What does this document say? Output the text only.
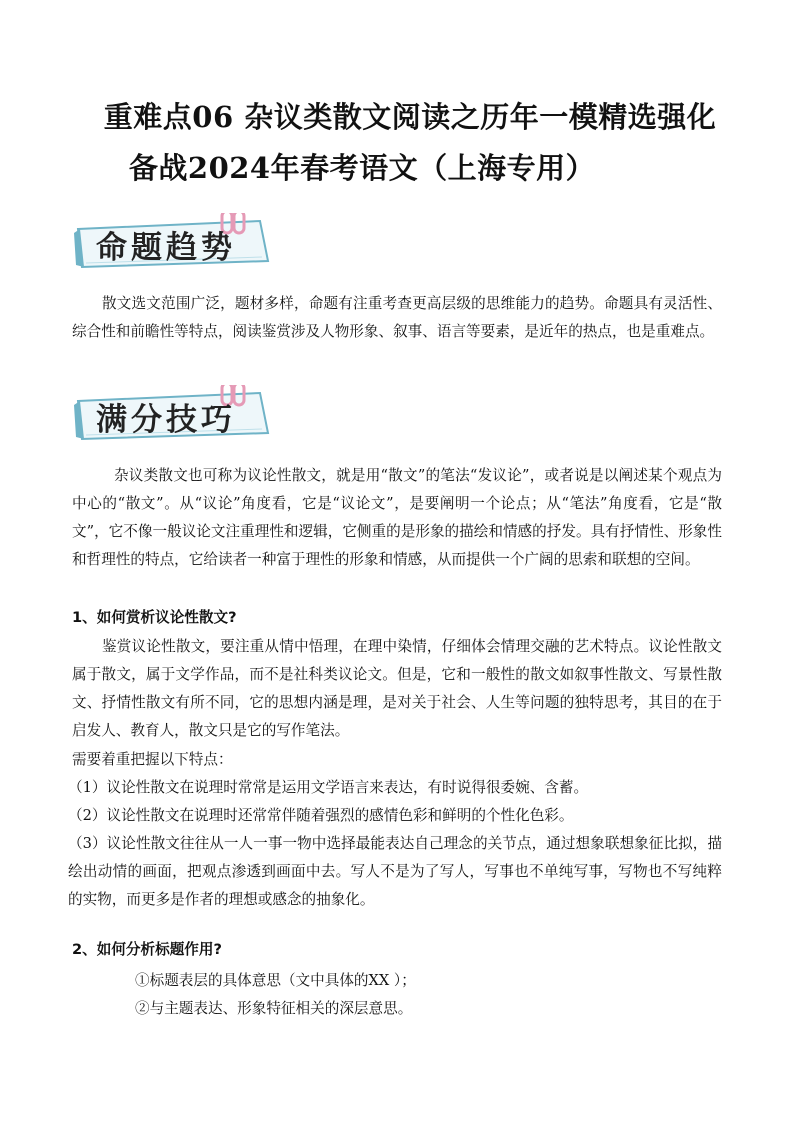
重难点06 杂议类散文阅读之历年一模精选强化
备战2024年春考语文（上海专用）
命题趋势
散文选文范围广泛，题材多样，命题有注重考查更高层级的思维能力的趋势。命题具有灵活性、综合性和前瞻性等特点，阅读鉴赏涉及人物形象、叙事、语言等要素，是近年的热点，也是重难点。
满分技巧
杂议类散文也可称为议论性散文，就是用“散文”的笔法“发议论”，或者说是以阐述某个观点为中心的“散文”。从“议论”角度看，它是“议论文”，是要阐明一个论点；从“笔法”角度看，它是“散文”，它不像一般议论文注重理性和逻辑，它侧重的是形象的描绘和情感的抒发。具有抒情性、形象性和哲理性的特点，它给读者一种富于理性的形象和情感，从而提供一个广阔的思索和联想的空间。
1、如何赏析议论性散文?
鉴赏议论性散文，要注重从情中悟理，在理中染情，仔细体会情理交融的艺术特点。议论性散文属于散文，属于文学作品，而不是社科类议论文。但是，它和一般性的散文如叙事性散文、写景性散文、抒情性散文有所不同，它的思想内涵是理，是对关于社会、人生等问题的独特思考，其目的在于启发人、教育人，散文只是它的写作笔法。
需要着重把握以下特点：
（1）议论性散文在说理时常常是运用文学语言来表达，有时说得很委婉、含蓄。
（2）议论性散文在说理时还常常伴随着强烈的感情色彩和鲜明的个性化色彩。
（3）议论性散文往往从一人一事一物中选择最能表达自己理念的关节点，通过想象联想象征比拟，描绘出动情的画面，把观点渗透到画面中去。写人不是为了写人，写事也不单纯写事，写物也不写纯粹的实物，而更多是作者的理想或感念的抽象化。
2、如何分析标题作用?
①标题表层的具体意思（文中具体的XX ）；
②与主题表达、形象特征相关的深层意思。
